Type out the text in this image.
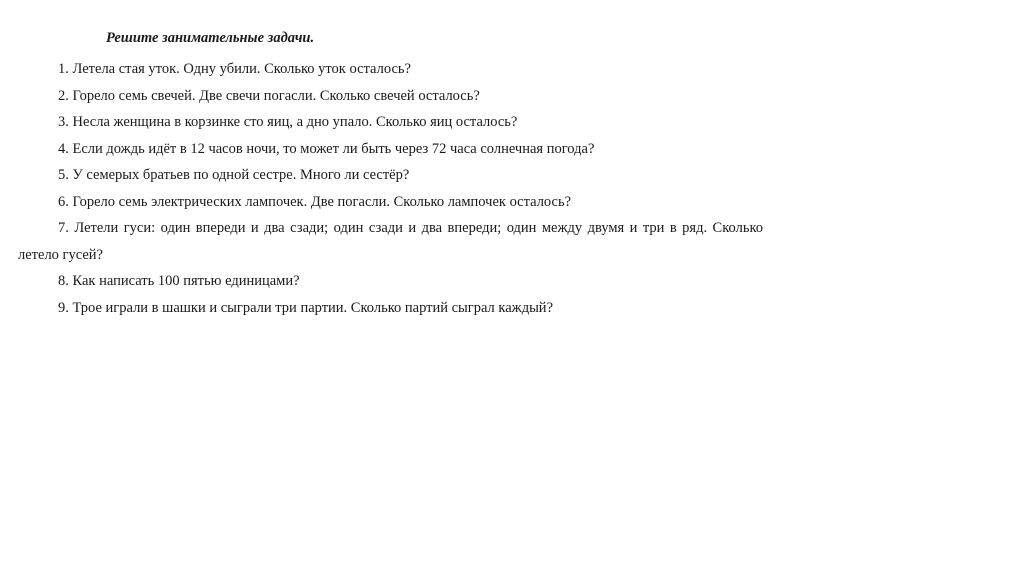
Решите занимательные задачи.
1. Летела стая уток. Одну убили. Сколько уток осталось?
2. Горело семь свечей. Две свечи погасли. Сколько свечей осталось?
3. Несла женщина в корзинке сто яиц, а дно упало. Сколько яиц осталось?
4. Если дождь идёт в 12 часов ночи, то может ли быть через 72 часа солнечная погода?
5. У семерых братьев по одной сестре. Много ли сестёр?
6. Горело семь электрических лампочек. Две погасли. Сколько лампочек осталось?
7. Летели гуси: один впереди и два сзади; один сзади и два впереди; один между двумя и три в ряд. Сколько летело гусей?
8. Как написать 100 пятью единицами?
9. Трое играли в шашки и сыграли три партии. Сколько партий сыграл каждый?
